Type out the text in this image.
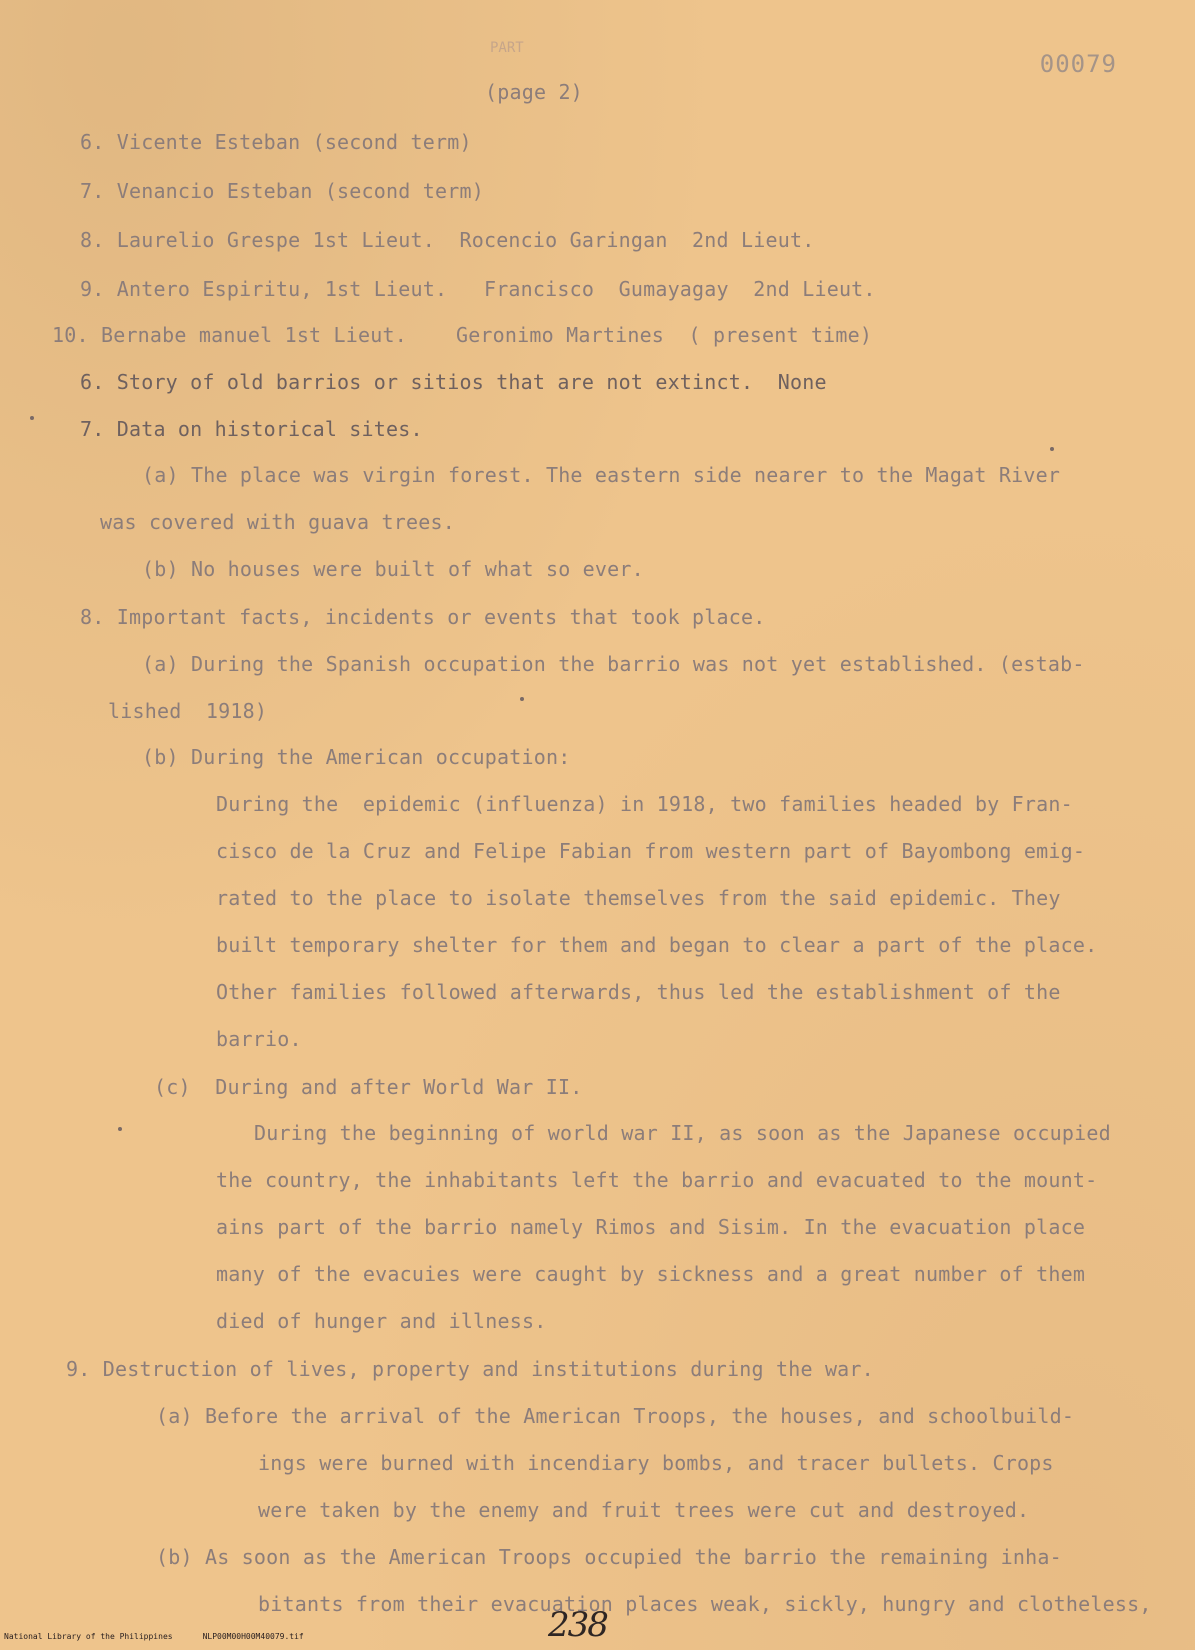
PART
00079
(page 2)
6. Vicente Esteban (second term)
7. Venancio Esteban (second term)
8. Laurelio Grespe 1st Lieut.  Rocencio Garingan  2nd Lieut.
9. Antero Espiritu, 1st Lieut.   Francisco  Gumayagay  2nd Lieut.
10. Bernabe manuel 1st Lieut.    Geronimo Martines  ( present time)
6. Story of old barrios or sitios that are not extinct.  None
7. Data on historical sites.
(a) The place was virgin forest. The eastern side nearer to the Magat River
was covered with guava trees.
(b) No houses were built of what so ever.
8. Important facts, incidents or events that took place.
(a) During the Spanish occupation the barrio was not yet established. (estab-
lished  1918)
(b) During the American occupation:
During the  epidemic (influenza) in 1918, two families headed by Fran-
cisco de la Cruz and Felipe Fabian from western part of Bayombong emig-
rated to the place to isolate themselves from the said epidemic. They
built temporary shelter for them and began to clear a part of the place.
Other families followed afterwards, thus led the establishment of the
barrio.
(c)  During and after World War II.
During the beginning of world war II, as soon as the Japanese occupied
the country, the inhabitants left the barrio and evacuated to the mount-
ains part of the barrio namely Rimos and Sisim. In the evacuation place
many of the evacuies were caught by sickness and a great number of them
died of hunger and illness.
9. Destruction of lives, property and institutions during the war.
(a) Before the arrival of the American Troops, the houses, and schoolbuild-
ings were burned with incendiary bombs, and tracer bullets. Crops
were taken by the enemy and fruit trees were cut and destroyed.
(b) As soon as the American Troops occupied the barrio the remaining inha-
bitants from their evacuation places weak, sickly, hungry and clotheless,
238
National Library of the Philippines	NLP00M00H00M40079.tif
